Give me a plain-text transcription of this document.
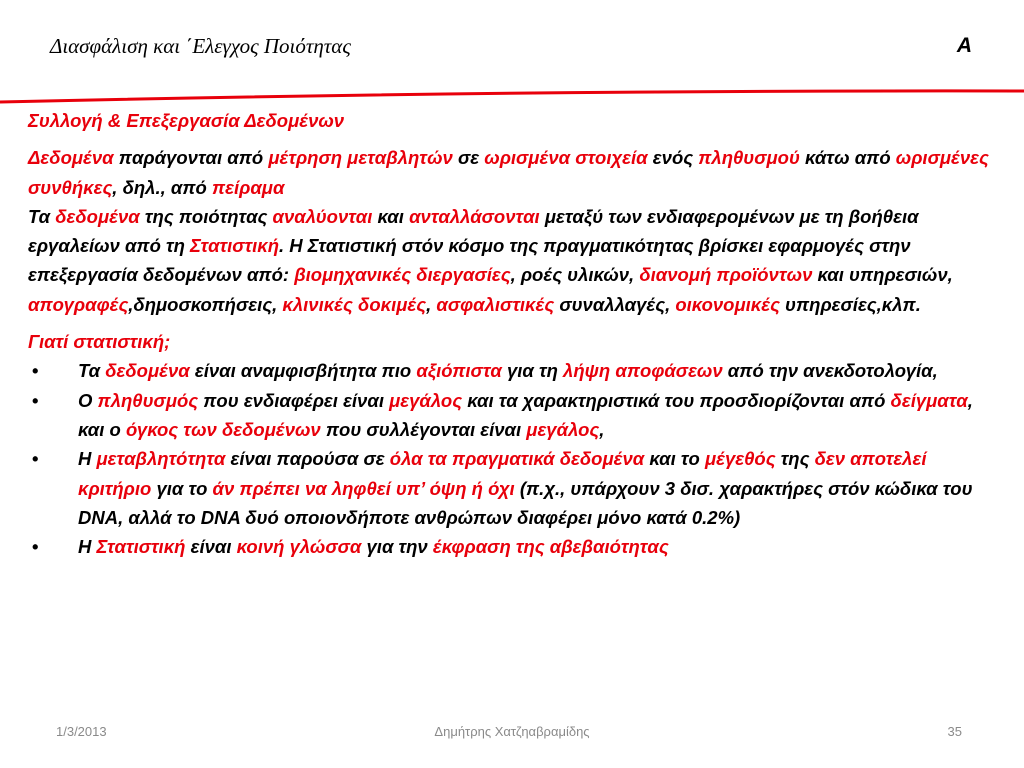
Διασφάλιση και ΄Ελεγχος Ποιότητας	A

Συλλογή & Επεξεργασία Δεδομένων

Δεδομένα παράγονται από μέτρηση μεταβλητών σε ωρισμένα στοιχεία ενός πληθυσμού κάτω από ωρισμένες συνθήκες, δηλ., από πείραμα

Τα δεδομένα της ποιότητας αναλύονται και ανταλλάσονται μεταξύ των ενδιαφερομένων με τη βοήθεια εργαλείων από τη Στατιστική. Η Στατιστική στόν κόσμο της πραγματικότητας βρίσκει εφαρμογές στην επεξεργασία δεδομένων από: βιομηχανικές διεργασίες, ροές υλικών, διανομή προϊόντων και υπηρεσιών, απογραφές,δημοσκοπήσεις, κλινικές δοκιμές, ασφαλιστικές συναλλαγές, οικονομικές υπηρεσίες,κλπ.

Γιατί στατιστική;

• Τα δεδομένα είναι αναμφισβήτητα πιο αξιόπιστα για τη λήψη αποφάσεων από την ανεκδοτολογία,
• Ο πληθυσμός που ενδιαφέρει είναι μεγάλος και τα χαρακτηριστικά του προσδιορίζονται από δείγματα, και ο όγκος των δεδομένων που συλλέγονται είναι μεγάλος,
• Η μεταβλητότητα είναι παρούσα σε όλα τα πραγματικά δεδομένα και το μέγεθός της δεν αποτελεί κριτήριο για το άν πρέπει να ληφθεί υπ’ όψη ή όχι (π.χ., υπάρχουν 3 δισ. χαρακτήρες στόν κώδικα του DNA, αλλά το DNA δυό οποιονδήποτε ανθρώπων διαφέρει μόνο κατά 0.2%)
• Η Στατιστική είναι κοινή γλώσσα για την έκφραση της αβεβαιότητας
1/3/2013	Δημήτρης Χατζηαβραμίδης	35
